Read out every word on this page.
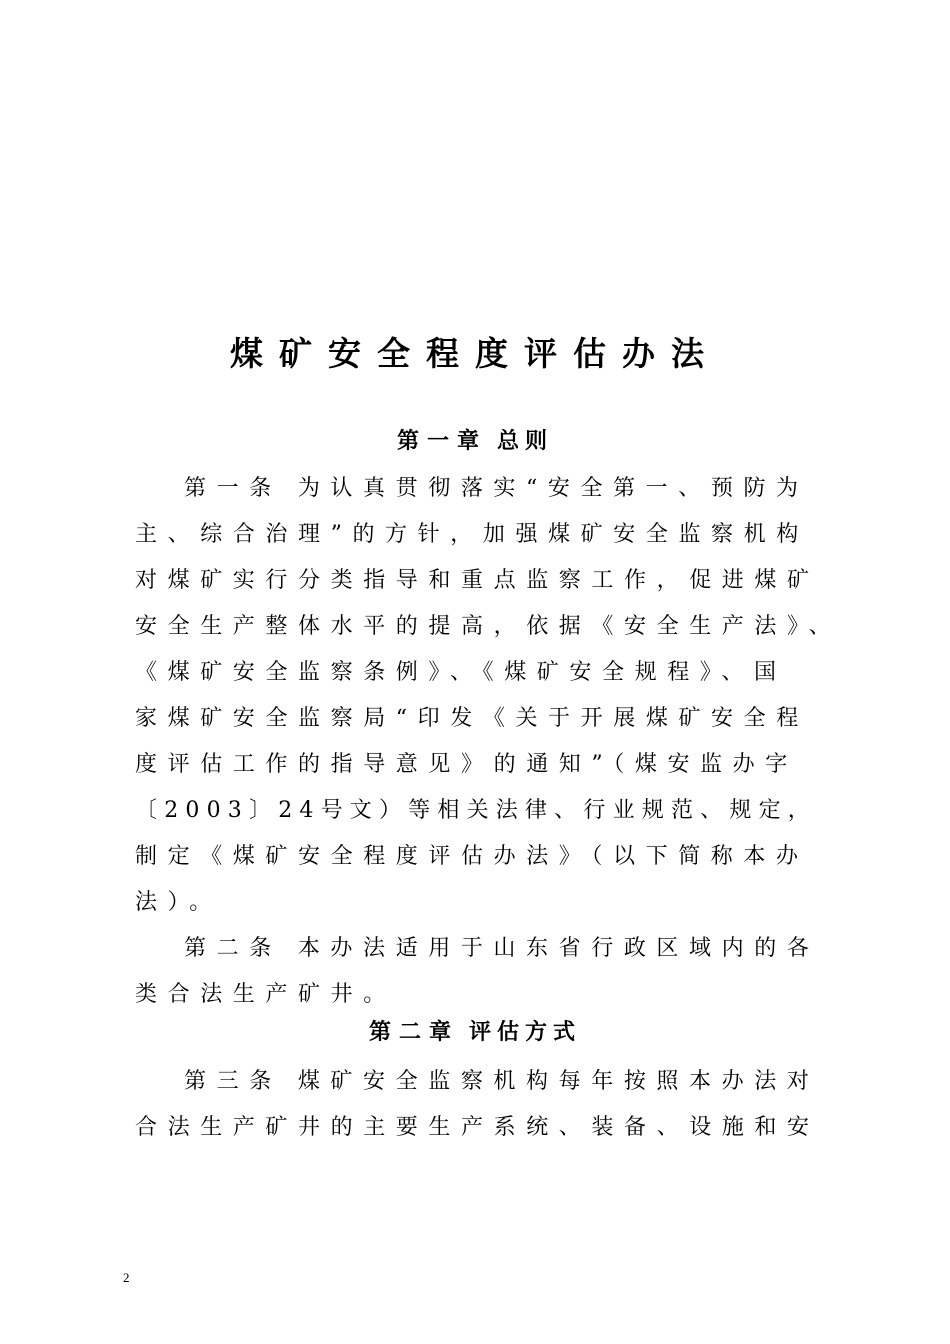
煤矿安全程度评估办法
第一章 总则
第一条 为认真贯彻落实“安全第一、预防为
主、综合治理”的方针，加强煤矿安全监察机构
对煤矿实行分类指导和重点监察工作，促进煤矿
安全生产整体水平的提高，依据《安全生产法》、
《煤矿安全监察条例》、《煤矿安全规程》、国
家煤矿安全监察局“印发《关于开展煤矿安全程
度评估工作的指导意见》的通知”（煤安监办字
〔2003〕24号文）等相关法律、行业规范、规定，
制定《煤矿安全程度评估办法》（以下简称本办
法）。
第二条 本办法适用于山东省行政区域内的各
类合法生产矿井。
第二章 评估方式
第三条 煤矿安全监察机构每年按照本办法对
合法生产矿井的主要生产系统、装备、设施和安
2
